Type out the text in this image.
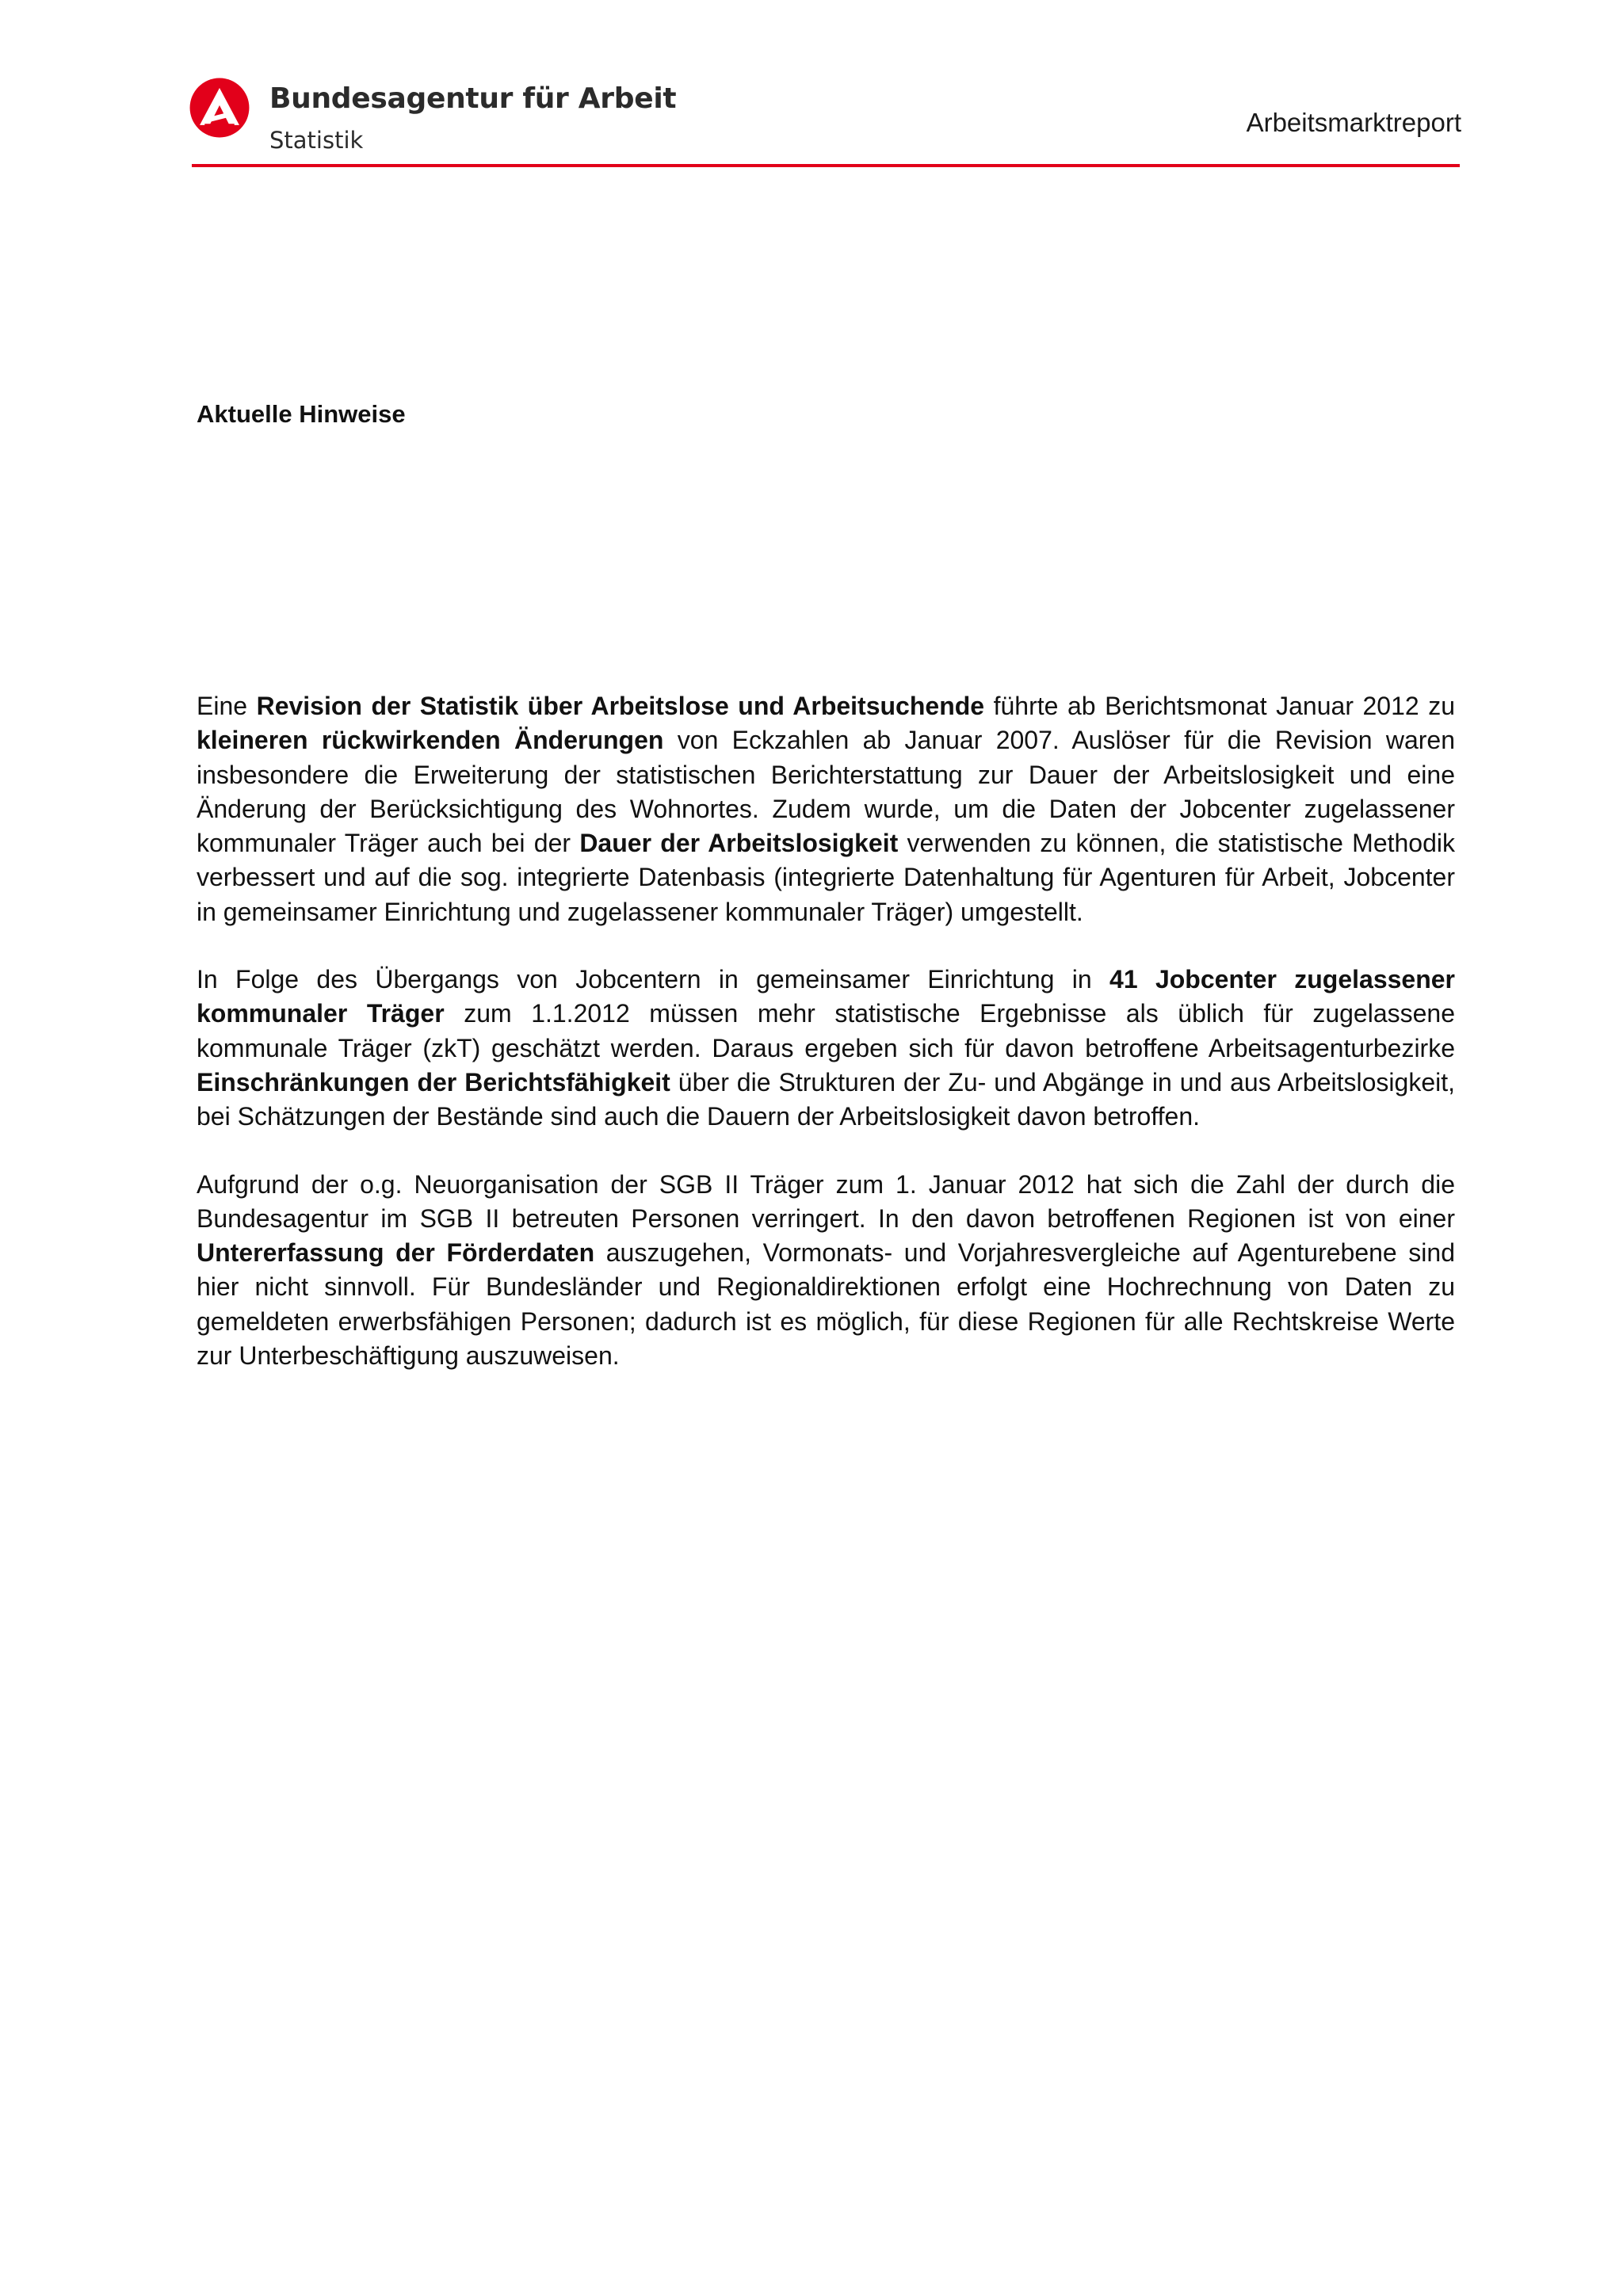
Bundesagentur für Arbeit
Statistik
Arbeitsmarktreport
Aktuelle Hinweise

Eine Revision der Statistik über Arbeitslose und Arbeitsuchende führte ab Berichtsmonat Januar 2012 zu kleineren rückwirkenden Änderungen von Eckzahlen ab Januar 2007. Auslöser für die Revision waren insbesondere die Erweiterung der statistischen Berichterstattung zur Dauer der Arbeitslosigkeit und eine Änderung der Berücksichtigung des Wohnortes. Zudem wurde, um die Daten der Jobcenter zugelassener kommunaler Träger auch bei der Dauer der Arbeitslosigkeit verwenden zu können, die statistische Methodik verbessert und auf die sog. integrierte Datenbasis (integrierte Datenhaltung für Agenturen für Arbeit, Jobcenter in gemeinsamer Einrichtung und zugelassener kommunaler Träger) umgestellt.

In Folge des Übergangs von Jobcentern in gemeinsamer Einrichtung in 41 Jobcenter zugelassener kommunaler Träger zum 1.1.2012 müssen mehr statistische Ergebnisse als üblich für zugelassene kommunale Träger (zkT) geschätzt werden. Daraus ergeben sich für davon betroffene Arbeitsagenturbezirke Einschränkungen der Berichtsfähigkeit über die Strukturen der Zu- und Abgänge in und aus Arbeitslosigkeit, bei Schätzungen der Bestände sind auch die Dauern der Arbeitslosigkeit davon betroffen.

Aufgrund der o.g. Neuorganisation der SGB II Träger zum 1. Januar 2012 hat sich die Zahl der durch die Bundesagentur im SGB II betreuten Personen verringert. In den davon betroffenen Regionen ist von einer Untererfassung der Förderdaten auszugehen, Vormonats- und Vorjahresvergleiche auf Agenturebene sind hier nicht sinnvoll. Für Bundesländer und Regionaldirektionen erfolgt eine Hochrechnung von Daten zu gemeldeten erwerbsfähigen Personen; dadurch ist es möglich, für diese Regionen für alle Rechtskreise Werte zur Unterbeschäftigung auszuweisen.
